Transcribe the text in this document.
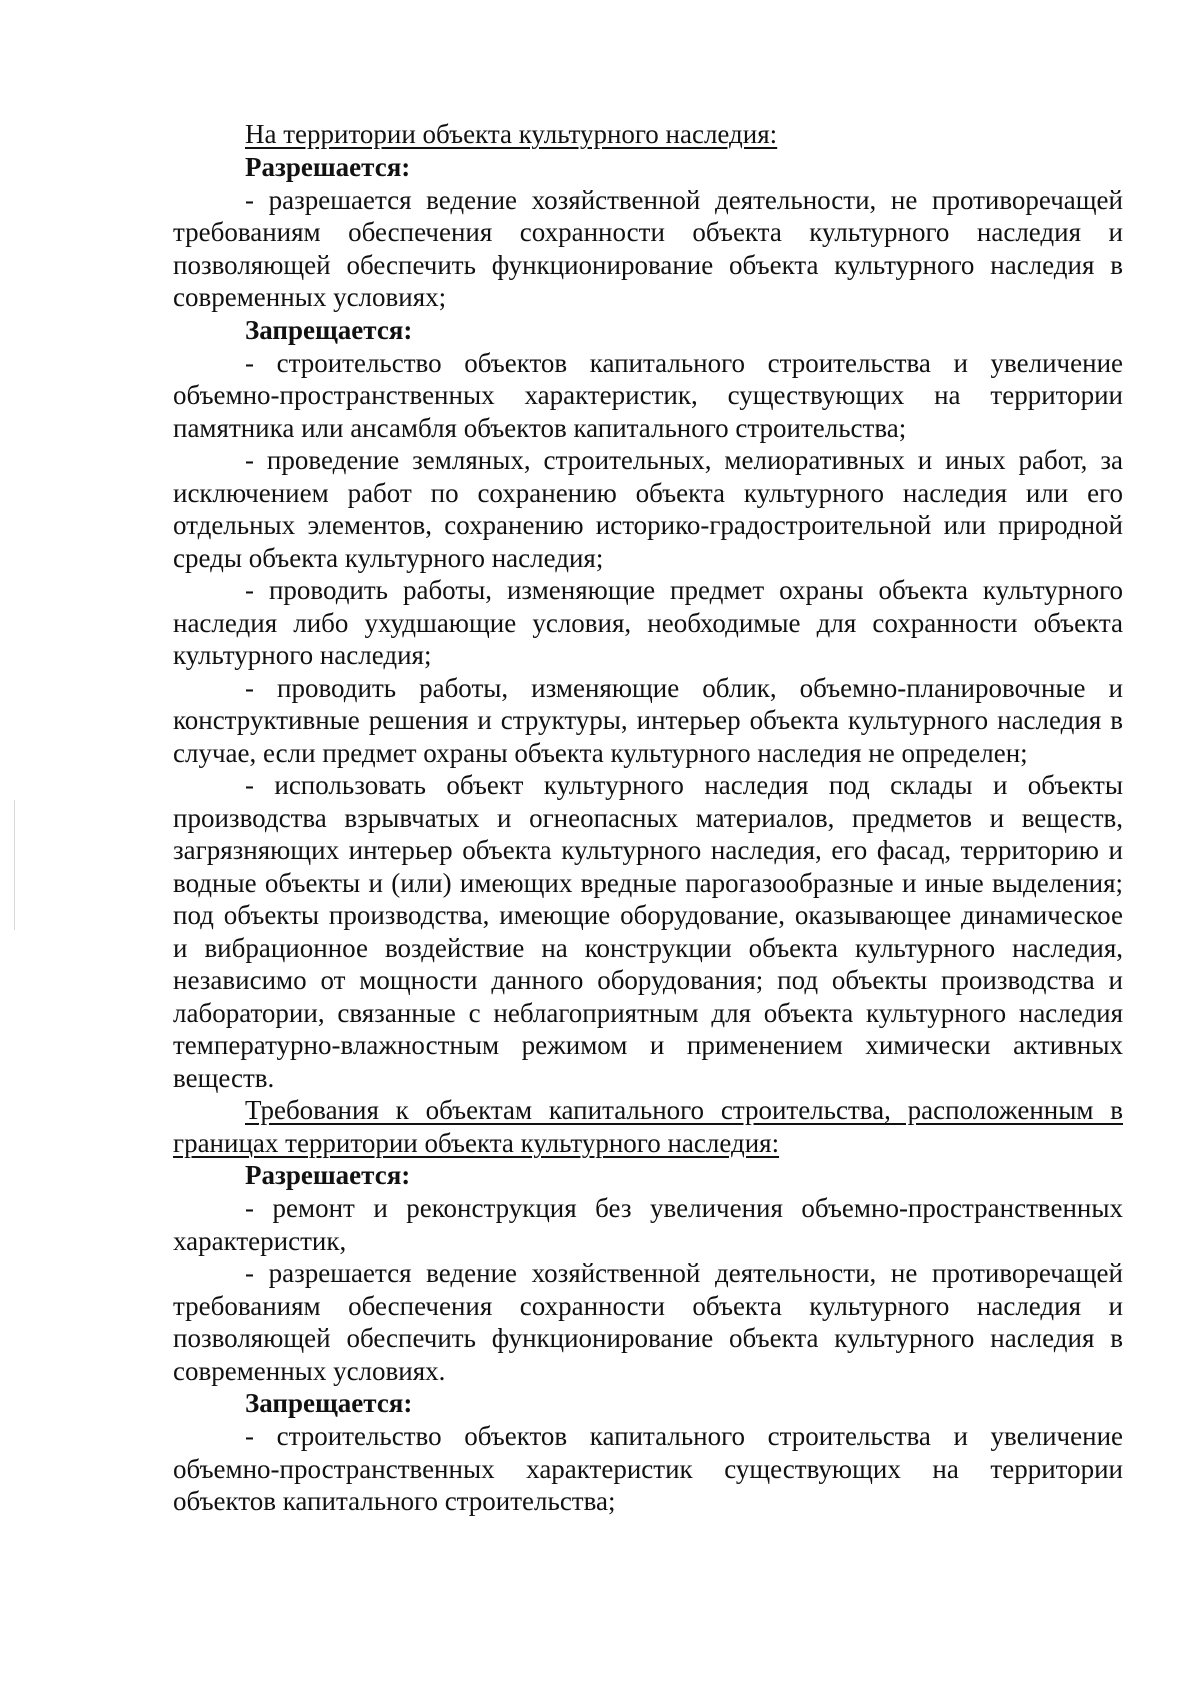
На территории объекта культурного наследия:

Разрешается:

- разрешается ведение хозяйственной деятельности, не противоречащей требованиям обеспечения сохранности объекта культурного наследия и позволяющей обеспечить функционирование объекта культурного наследия в современных условиях;

Запрещается:

- строительство объектов капитального строительства и увеличение объемно-пространственных характеристик, существующих на территории памятника или ансамбля объектов капитального строительства;

- проведение земляных, строительных, мелиоративных и иных работ, за исключением работ по сохранению объекта культурного наследия или его отдельных элементов, сохранению историко-градостроительной или природной среды объекта культурного наследия;

- проводить работы, изменяющие предмет охраны объекта культурного наследия либо ухудшающие условия, необходимые для сохранности объекта культурного наследия;

- проводить работы, изменяющие облик, объемно-планировочные и конструктивные решения и структуры, интерьер объекта культурного наследия в случае, если предмет охраны объекта культурного наследия не определен;

- использовать объект культурного наследия под склады и объекты производства взрывчатых и огнеопасных материалов, предметов и веществ, загрязняющих интерьер объекта культурного наследия, его фасад, территорию и водные объекты и (или) имеющих вредные парогазообразные и иные выделения; под объекты производства, имеющие оборудование, оказывающее динамическое и вибрационное воздействие на конструкции объекта культурного наследия, независимо от мощности данного оборудования; под объекты производства и лаборатории, связанные с неблагоприятным для объекта культурного наследия температурно-влажностным режимом и применением химически активных веществ.

Требования к объектам капитального строительства, расположенным в границах территории объекта культурного наследия:

Разрешается:

- ремонт и реконструкция без увеличения объемно-пространственных характеристик,

- разрешается ведение хозяйственной деятельности, не противоречащей требованиям обеспечения сохранности объекта культурного наследия и позволяющей обеспечить функционирование объекта культурного наследия в современных условиях.

Запрещается:

- строительство объектов капитального строительства и увеличение объемно-пространственных характеристик существующих на территории объектов капитального строительства;
